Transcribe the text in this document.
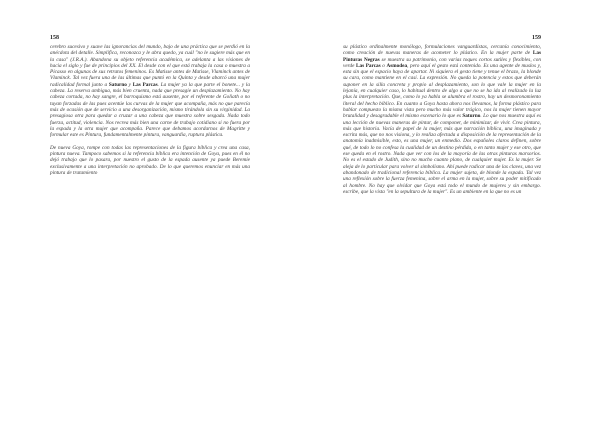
158

cerebro sucesivo y suave las ignorancias del mundo, bajo de una práctica que se perdió en la anécdota del detalle. Simplifica, reconozca y le abra quedo, ya cuál "no le sugiere más que en la casa" (J.R.A.). Abandona su objeto referencia académica, se adelanta a las visiones de hacia el siglo y fue de principios del XX. El desde con el que está trabaja la casa o muestra a Picasso en algunas de sus retratos femeninos. Es Matisse antes de Matisse, Vlaminck antes de Vlaminck. Tal vez fuera una de las últimas que puntó en la Quinta y desde abarcó una mujer radicalidad formal junto a Saturno y Las Parcas. La mujer ya la que parte el bonete... y la cabeza. La reserva ambigua, más bien cruenta, nada que presagie un desplazamiento. No hay cabeza cortada, no hay sangre, el barroquismo está ausente, por el referente de Goliath o no tuyan forzadas de las pues acentúe las curvas de la mujer que acompaña, más no que parecía más de ocasión que de servicio a una desorganización, mismo tirándola sin su virginidad. La presagiosa otra para quedar a cruzar a una cabeza que muestra sobre sesgada. Nada todo fuerza, actitud, violencia. Nos recrea más bien una carne de trabajo cotidiano si no fuera por la espada y la otra mujer que acompaña. Parece que debamos acordarnos de Magritte y formular este es Pintura, fundamentalmente pintura, vanguardia, ruptura plástica.

De nueva Goya, rompe con todas las representaciones de la figura bíblica y crea una casa, pintura nueva. Tampoco sabemos si la referencia bíblica era intención de Goya, pues en él no dejó trabajo que lo pasara, por nuestro el gusto de la espada ausente ya puede Beremie exclusivamente a una interpretación no aprobado. De lo que queremos enunciar en más una pintura de tratamiento

159

su plástico ordinalmente monólogo, formulaciones vanguardistas, cercanía conocimiento, como creación de nuevas maneras de acometer lo plástico. En la mujer parte de Las Pinturas Negras se muestra su patrimonio, con varias toques cortos sutiles y flexibles, con verde Las Parcas o Asmodea, pero aquí el gesto está contenido. Es una agente de muslos y, esta sin que el espacio haya de apartar. Ni siquiera el gesto tiene y tenue el brazo, la blonde su cara, como mantiene en el casi. La expresión. No queda la potencia y estos que deberán suponer en la silla concreta y propio al desplazamiento, son lo que vale la mujer en la lejanía, en cualquier caso, lo habitual dentro de algo a que no se ha ida al realizado la luz plus la interpretación. Que, como lo ya habla se alumbra el rostro, hay un desmoronamiento literal del hecho bíblico. En cuanto a Goya hasta ahora nos llevamos, la forma plástico para hablar compuesto la misma vista pero mucho más valor trágico, nos la mujer tienen mayor brutalidad y desagradable el mismo escenario lo que es Saturno. Lo que nos muestra aquí es una lección de nuevas maneras de pintar, de componer, de minimizar, de vivir. Crea pintura, más que historia. Vacía de papel de la mujer, más que narración bíblica, una imaginada y escrita más, que no nos visiona, y lo realiza afectada a disposición de la representación de la anatomía inadmisible, esto, es una mujer, un enmedio. Dos españoles claros definen, sobre qué, de todo lo no confesa la cualidad de un destino pérdida, o en tanto mujer y ese otro, que ese queda en el rostro. Nada que ver con los de la mayoría de las otras pinturas marsorios. No es el estado de Judith, sino no mucho cuanto plano, de cualquier mujer. Es la mujer. Se aleja de lo particular para volver al simbolismo. Ahí puede radicar una de las claves, una vez abandonado de tradicional referencia bíblica. La mujer sujeta, de blonde la espada. Tal vez una reflexión sobre la fuerza femenina, sobre el arma en la mujer, sobre su poder mitificado al hombre. No hay que olvidar que Goya está todo el mundo de mujeres y sin embargo. escribe, que la vista "en la sepultura de la mujer". Es un ambiente en la que no es un
